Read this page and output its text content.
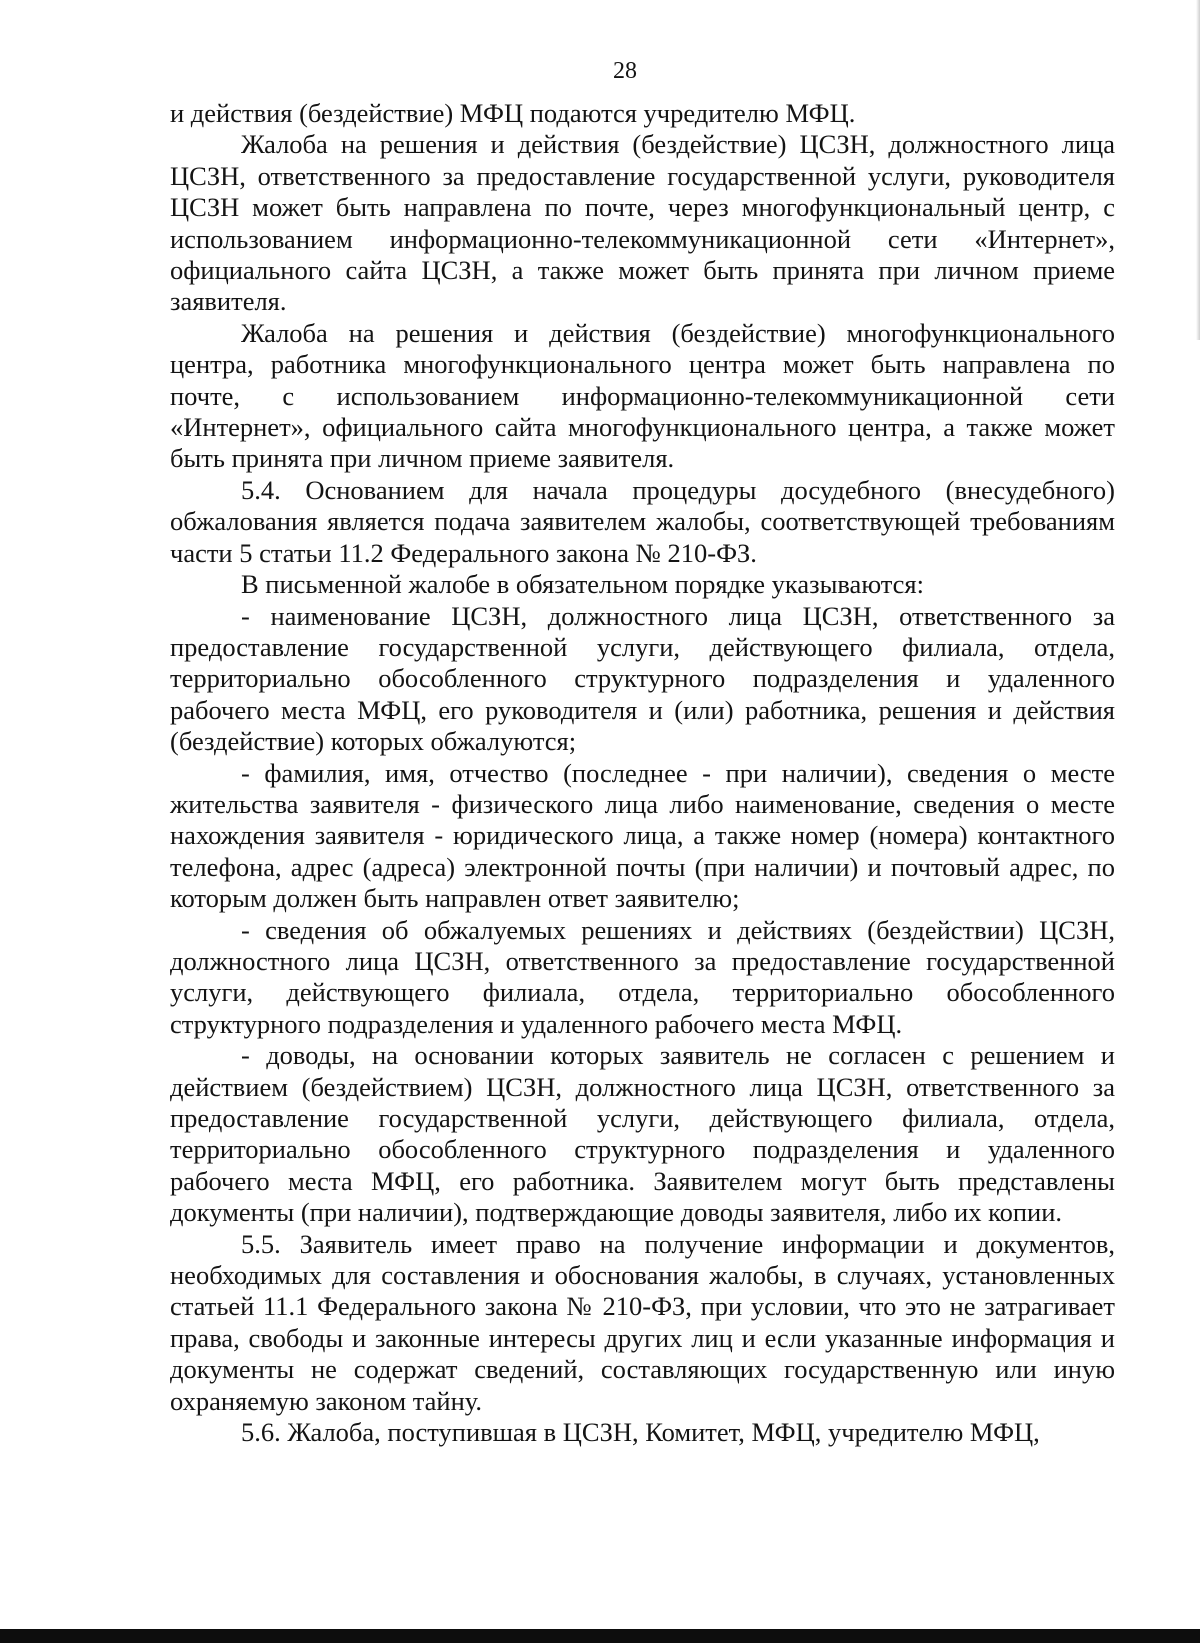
28

и действия (бездействие) МФЦ подаются учредителю МФЦ.

Жалоба на решения и действия (бездействие) ЦСЗН, должностного лица ЦСЗН, ответственного за предоставление государственной услуги, руководителя ЦСЗН может быть направлена по почте, через многофункциональный центр, с использованием информационно-телекоммуникационной сети «Интернет», официального сайта ЦСЗН, а также может быть принята при личном приеме заявителя.

Жалоба на решения и действия (бездействие) многофункционального центра, работника многофункционального центра может быть направлена по почте, с использованием информационно-телекоммуникационной сети «Интернет», официального сайта многофункционального центра, а также может быть принята при личном приеме заявителя.

5.4. Основанием для начала процедуры досудебного (внесудебного) обжалования является подача заявителем жалобы, соответствующей требованиям части 5 статьи 11.2 Федерального закона № 210-ФЗ.

В письменной жалобе в обязательном порядке указываются:

- наименование ЦСЗН, должностного лица ЦСЗН, ответственного за предоставление государственной услуги, действующего филиала, отдела, территориально обособленного структурного подразделения и удаленного рабочего места МФЦ, его руководителя и (или) работника, решения и действия (бездействие) которых обжалуются;

- фамилия, имя, отчество (последнее - при наличии), сведения о месте жительства заявителя - физического лица либо наименование, сведения о месте нахождения заявителя - юридического лица, а также номер (номера) контактного телефона, адрес (адреса) электронной почты (при наличии) и почтовый адрес, по которым должен быть направлен ответ заявителю;

- сведения об обжалуемых решениях и действиях (бездействии) ЦСЗН, должностного лица ЦСЗН, ответственного за предоставление государственной услуги, действующего филиала, отдела, территориально обособленного структурного подразделения и удаленного рабочего места МФЦ.

- доводы, на основании которых заявитель не согласен с решением и действием (бездействием) ЦСЗН, должностного лица ЦСЗН, ответственного за предоставление государственной услуги, действующего филиала, отдела, территориально обособленного структурного подразделения и удаленного рабочего места МФЦ, его работника. Заявителем могут быть представлены документы (при наличии), подтверждающие доводы заявителя, либо их копии.

5.5. Заявитель имеет право на получение информации и документов, необходимых для составления и обоснования жалобы, в случаях, установленных статьей 11.1 Федерального закона № 210-ФЗ, при условии, что это не затрагивает права, свободы и законные интересы других лиц и если указанные информация и документы не содержат сведений, составляющих государственную или иную охраняемую законом тайну.

5.6. Жалоба, поступившая в ЦСЗН, Комитет, МФЦ, учредителю МФЦ,
